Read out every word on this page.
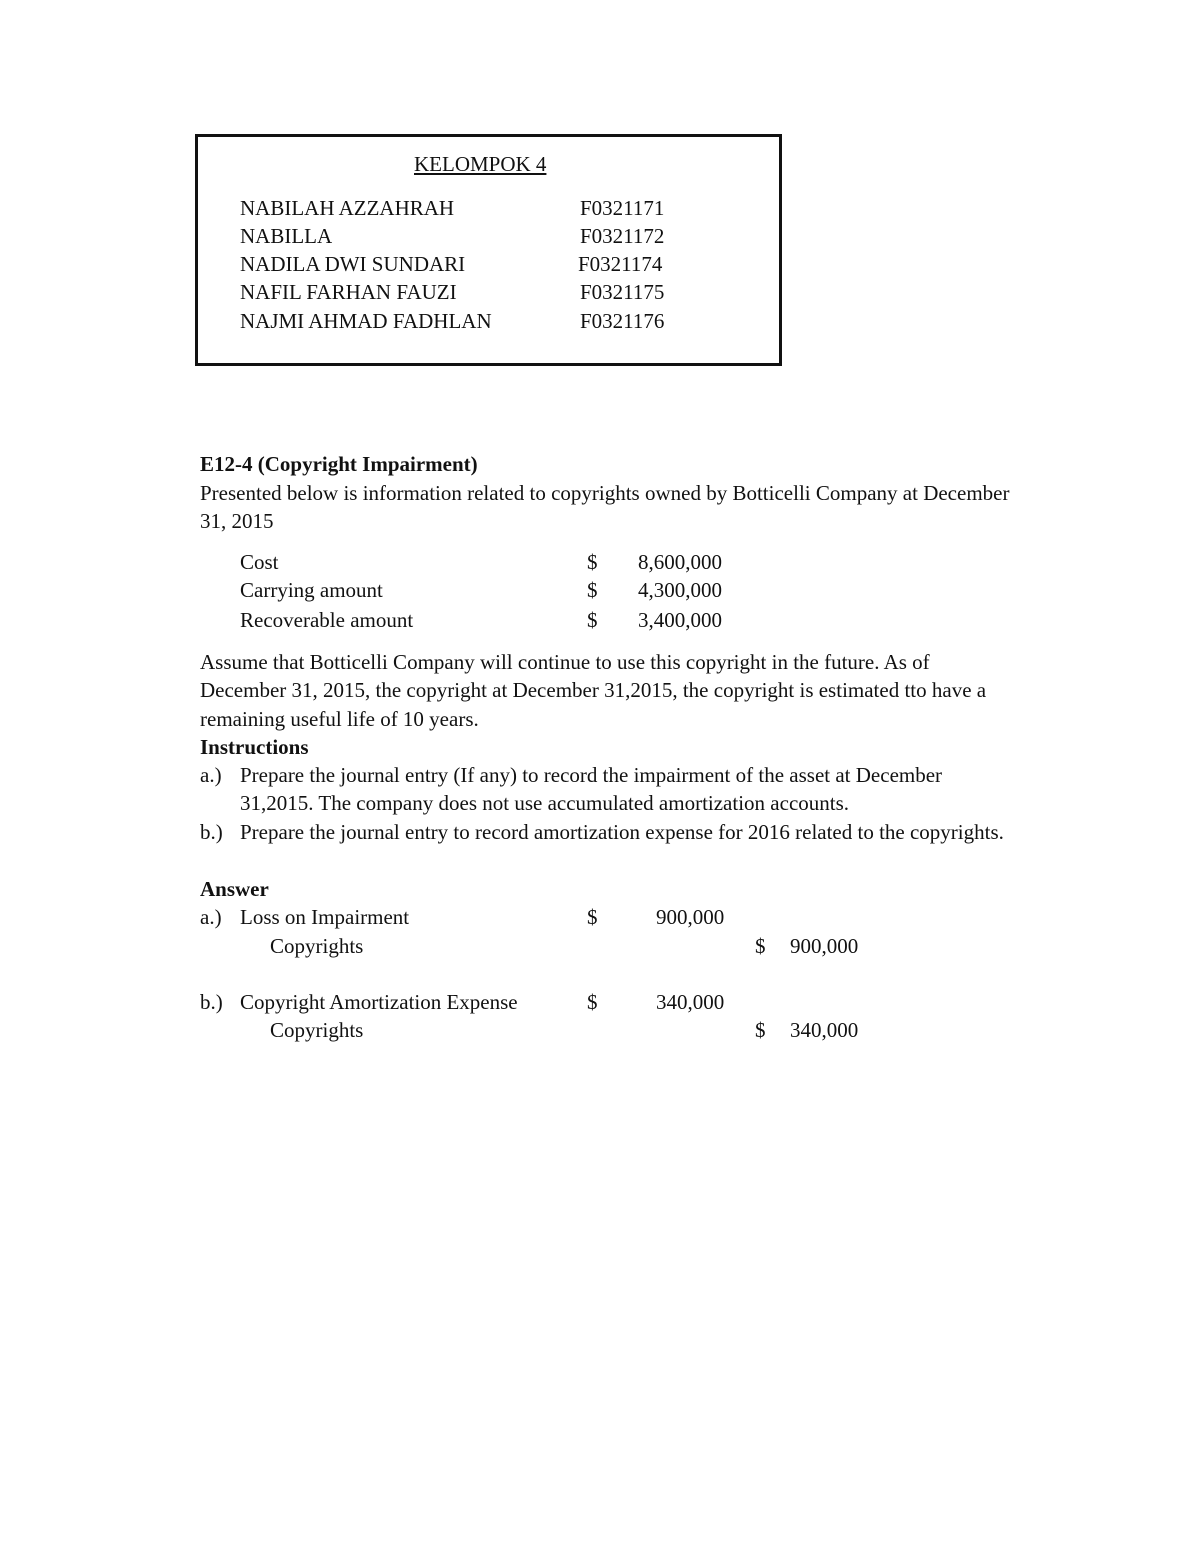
KELOMPOK 4
NABILAH AZZAHRAH	F0321171
NABILLA	F0321172
NADILA DWI SUNDARI	F0321174
NAFIL FARHAN FAUZI	F0321175
NAJMI AHMAD FADHLAN	F0321176
E12-4 (Copyright Impairment)
Presented below is information related to copyrights owned by Botticelli Company at December
31, 2015
Cost	$ 8,600,000
Carrying amount	$ 4,300,000
Recoverable amount	$ 3,400,000
Assume that Botticelli Company will continue to use this copyright in the future. As of
December 31, 2015, the copyright at December 31,2015, the copyright is estimated tto have a
remaining useful life of 10 years.
Instructions
a.) Prepare the journal entry (If any) to record the impairment of the asset at December
31,2015. The company does not use accumulated amortization accounts.
b.) Prepare the journal entry to record amortization expense for 2016 related to the copyrights.
Answer
a.) Loss on Impairment	$	900,000
Copyrights	$ 900,000
b.) Copyright Amortization Expense	$	340,000
Copyrights	$ 340,000
